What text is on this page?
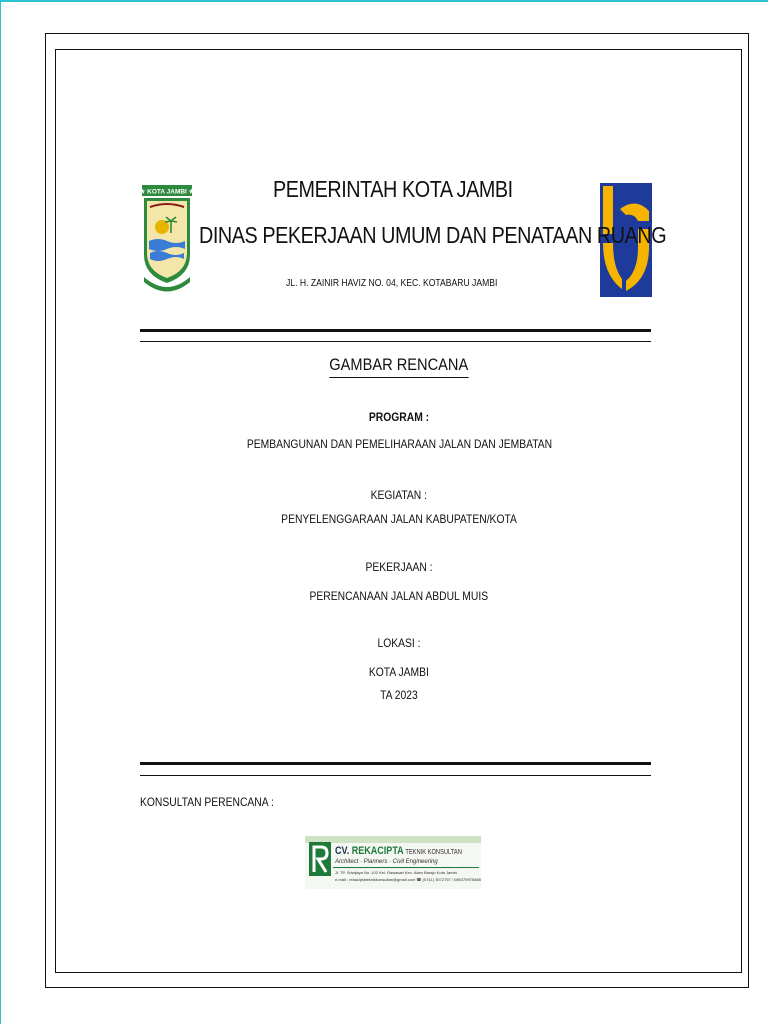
★ KOTA JAMBI ★	PEMERINTAH KOTA JAMBI
DINAS PEKERJAAN UMUM DAN PENATAAN RUANG
JL. H. ZAINIR HAVIZ NO. 04, KEC. KOTABARU JAMBI
GAMBAR RENCANA
PROGRAM :
PEMBANGUNAN DAN PEMELIHARAAN JALAN DAN JEMBATAN
KEGIATAN :
PENYELENGGARAAN JALAN KABUPATEN/KOTA
PEKERJAAN :
PERENCANAAN JALAN ABDUL MUIS
LOKASI :
KOTA JAMBI
TA 2023
KONSULTAN PERENCANA :
CV. REKACIPTA TEKNIK KONSULTAN
Architect · Planners · Civil Engineering
Jl. TP. Sriwijaya No. 102 Kel. Rawasari Kec. Alam Barajo Kota Jambi
e-mail : rekaciptateknikkonsultan@gmail.com ☎ (0741) 3072757 / 085379976888
